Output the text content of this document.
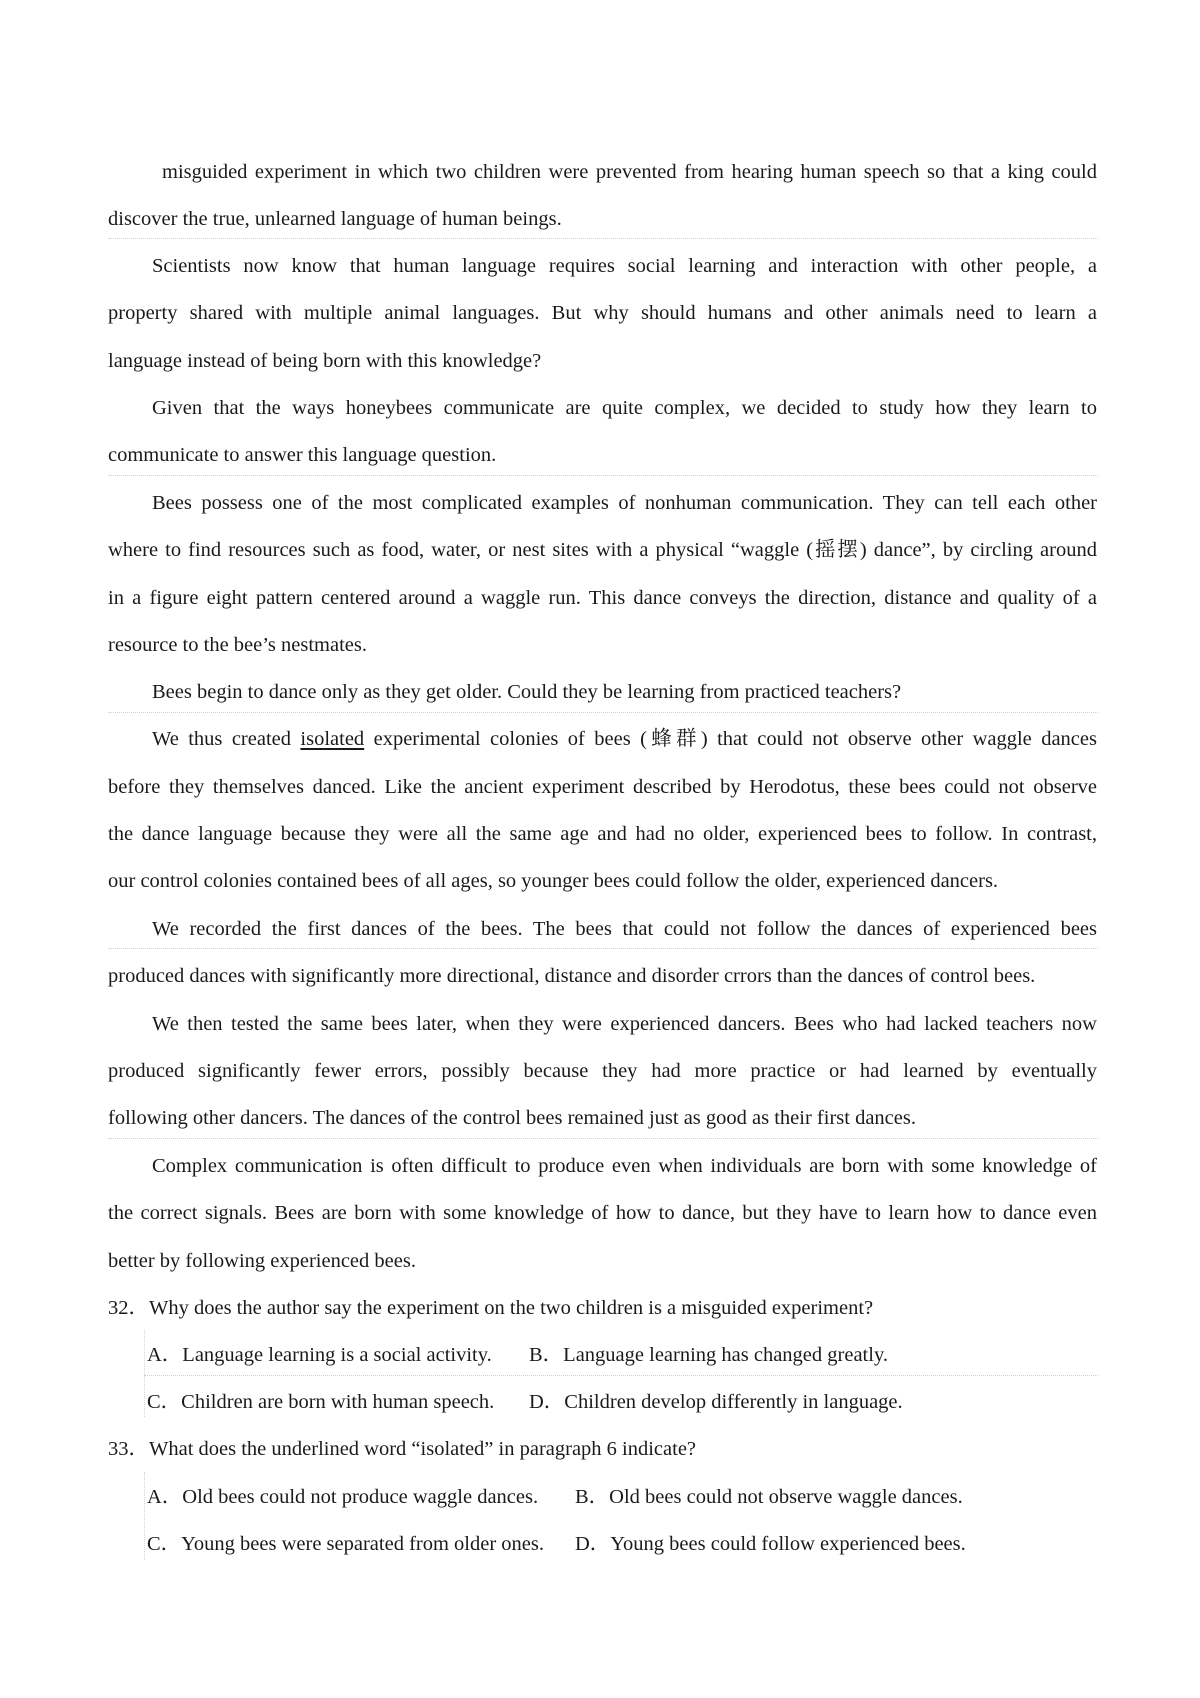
misguided experiment in which two children were prevented from hearing human speech so that a king could
discover the true, unlearned language of human beings.
Scientists now know that human language requires social learning and interaction with other people, a
property shared with multiple animal languages. But why should humans and other animals need to learn a
language instead of being born with this knowledge?
Given that the ways honeybees communicate are quite complex, we decided to study how they learn to
communicate to answer this language question.
Bees possess one of the most complicated examples of nonhuman communication. They can tell each other
where to find resources such as food, water, or nest sites with a physical “waggle (摇摆) dance”, by circling around
in a figure eight pattern centered around a waggle run. This dance conveys the direction, distance and quality of a
resource to the bee’s nestmates.
Bees begin to dance only as they get older. Could they be learning from practiced teachers?
We thus created isolated experimental colonies of bees (蜂群) that could not observe other waggle dances
before they themselves danced. Like the ancient experiment described by Herodotus, these bees could not observe
the dance language because they were all the same age and had no older, experienced bees to follow. In contrast,
our control colonies contained bees of all ages, so younger bees could follow the older, experienced dancers.
We recorded the first dances of the bees. The bees that could not follow the dances of experienced bees
produced dances with significantly more directional, distance and disorder crrors than the dances of control bees.
We then tested the same bees later, when they were experienced dancers. Bees who had lacked teachers now
produced significantly fewer errors, possibly because they had more practice or had learned by eventually
following other dancers. The dances of the control bees remained just as good as their first dances.
Complex communication is often difficult to produce even when individuals are born with some knowledge of
the correct signals. Bees are born with some knowledge of how to dance, but they have to learn how to dance even
better by following experienced bees.
32．Why does the author say the experiment on the two children is a misguided experiment?
A．Language learning is a social activity. B．Language learning has changed greatly.
C．Children are born with human speech. D．Children develop differently in language.
33．What does the underlined word “isolated” in paragraph 6 indicate?
A．Old bees could not produce waggle dances. B．Old bees could not observe waggle dances.
C．Young bees were separated from older ones. D．Young bees could follow experienced bees.
